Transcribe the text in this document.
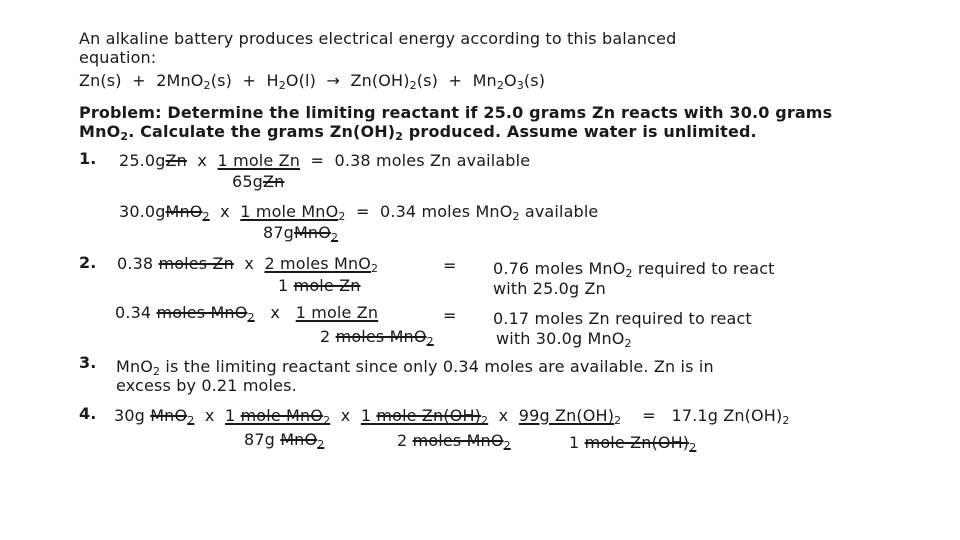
An alkaline battery produces electrical energy according to this balanced
equation:
$Zn(s) + 2MnO_2(s) + H_2O(l) \to Zn(OH)_2(s) + Mn_2O_3(s)$
Problem: Determine the limiting reactant if 25.0 grams Zn reacts with 30.0 grams
MnO$_2$. Calculate the grams $Zn(OH)_2$ produced. Assume water is unlimited.
1. 25.0gZn x 1 mole Zn = 0.38 moles Zn available
65gZn
30.0gMnO$_2$ x 1 mole MnO$_2$ = 0.34 moles MnO$_2$ available
87gMnO$_2$
2. 0.38 moles Zn x 2 moles MnO$_2$	=
1 mole Zn
0.76 moles MnO$_2$ required to react
with 25.0g Zn
0.34 moles MnO$_2$ x 1 mole Zn	=
2 moles MnO$_2$
0.17 moles Zn required to react
with 30.0g MnO$_2$
3. MnO$_2$ is the limiting reactant since only 0.34 moles are available. Zn is in
excess by 0.21 moles.
4. 30g MnO$_2$ x 1 mole MnO$_2$ x 1 mole $Zn(OH)_2$ x 99g $Zn(OH)_2 = 17.1g$ $Zn(OH)_2$
87g MnO$_2$	2 moles MnO$_2$	1 mole $Zn(OH)_2$
